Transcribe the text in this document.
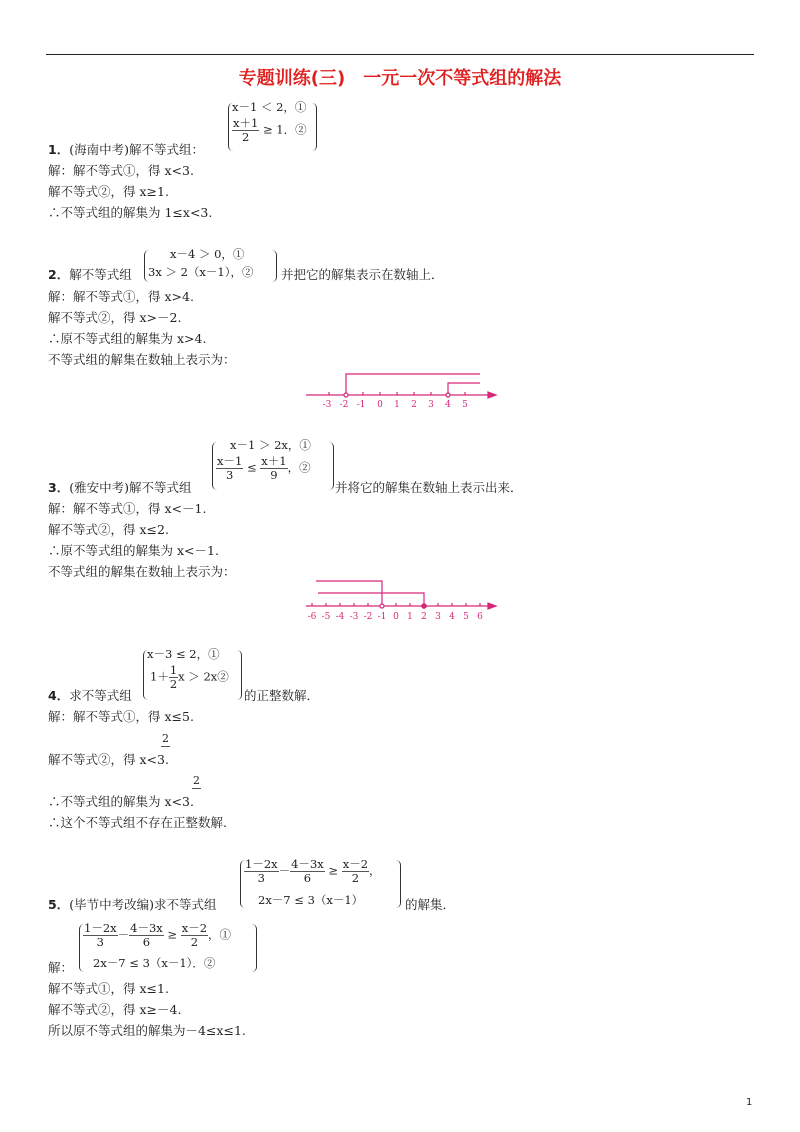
专题训练(三)　一元一次不等式组的解法
x－1 ＜ 2，①
$\frac{x+1}{2} \ge 1$．②
1．(海南中考)解不等式组：
解：解不等式①，得 x<3.
解不等式②，得 x≥1.
∴不等式组的解集为 1≤x<3.
x－4 ＞ 0，①
3x ＞ 2（x－1），②
2．解不等式组	并把它的解集表示在数轴上．
解：解不等式①，得 x>4.
解不等式②，得 x>－2.
∴原不等式组的解集为 x>4.
不等式组的解集在数轴上表示为：
-3 -2 -1 0 1 2 3 4 5
x－1 ＞ 2x，①
$\frac{x-1}{3} \le \frac{x+1}{9}$ ，②
3．(雅安中考)解不等式组	并将它的解集在数轴上表示出来．
解：解不等式①，得 x<－1.
解不等式②，得 x≤2.
∴原不等式组的解集为 x<－1.
不等式组的解集在数轴上表示为：
-6 -5 -4 -3 -2 -1 0 1 2 3 4 5 6
x－3 ≤ 2，①
$1+ \frac{1}{2}$ x ＞ 2x②
4．求不等式组	的正整数解．
解：解不等式①，得 x≤5.
2
解不等式②，得 x<3.
2
∴不等式组的解集为 x<3.
∴这个不等式组不存在正整数解.
$\frac{1-2x}{3} - \frac{4-3x}{6} \ge \frac{x-2}{2}$ ，
2x－7 ≤ 3（x－1）
5．(毕节中考改编)求不等式组	的解集．
$\frac{1-2x}{3} - \frac{4-3x}{6} \ge \frac{x-2}{2}$ ，①
2x－7 ≤ 3（x－1）．②
解：
解不等式①，得 x≤1.
解不等式②，得 x≥－4.
所以原不等式组的解集为－4≤x≤1.
1
